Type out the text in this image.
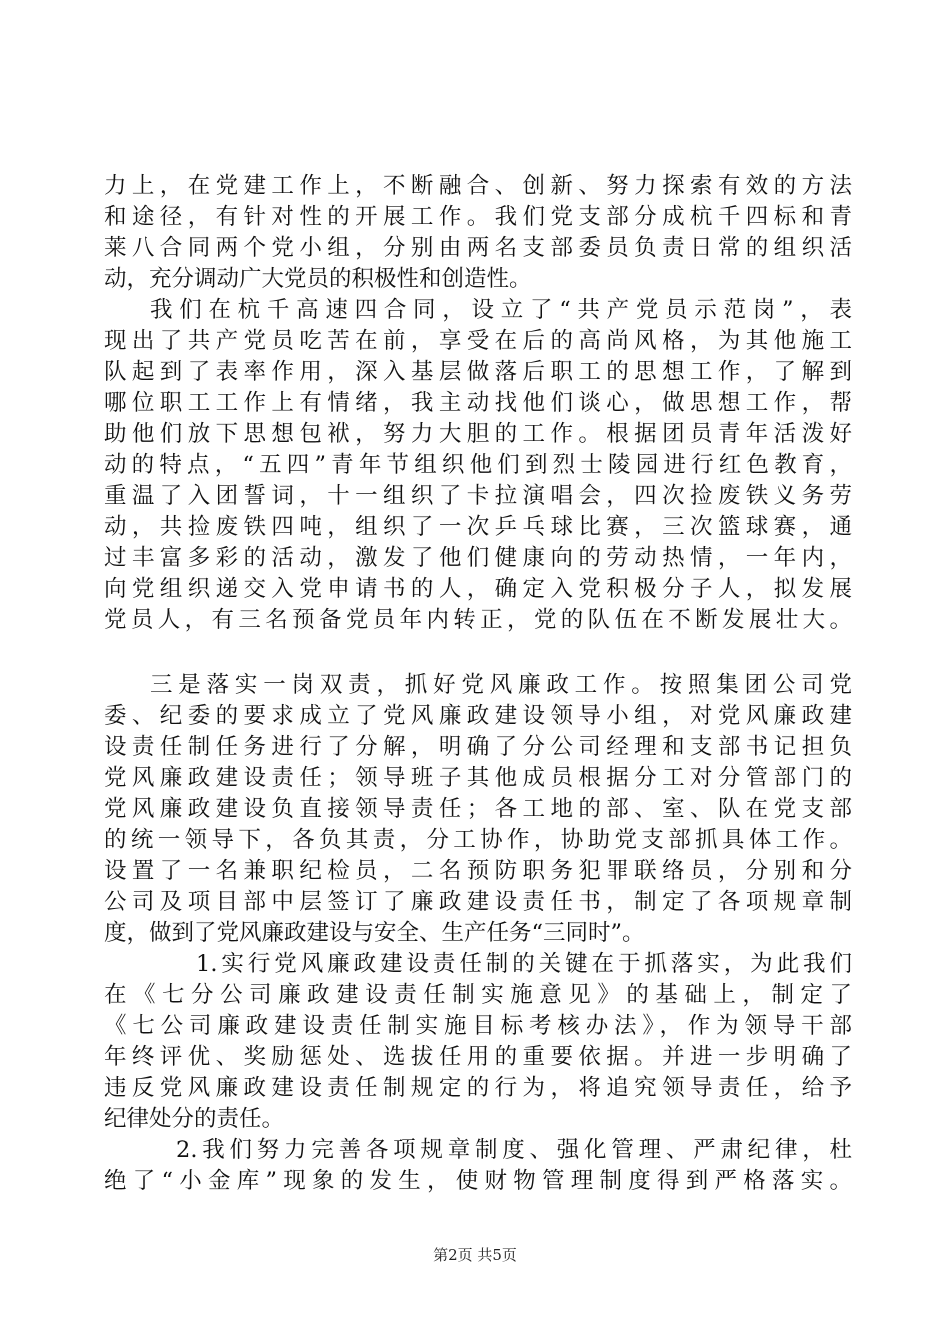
力上，在党建工作上，不断融合、创新、努力探索有效的方法
和途径，有针对性的开展工作。我们党支部分成杭千四标和青
莱八合同两个党小组，分别由两名支部委员负责日常的组织活
动，充分调动广大党员的积极性和创造性。
我们在杭千高速四合同，设立了“共产党员示范岗”，表
现出了共产党员吃苦在前，享受在后的高尚风格，为其他施工
队起到了表率作用，深入基层做落后职工的思想工作，了解到
哪位职工工作上有情绪，我主动找他们谈心，做思想工作，帮
助他们放下思想包袱，努力大胆的工作。根据团员青年活泼好
动的特点，“五四”青年节组织他们到烈士陵园进行红色教育，
重温了入团誓词，十一组织了卡拉演唱会，四次捡废铁义务劳
动，共捡废铁四吨，组织了一次乒乓球比赛，三次篮球赛，通
过丰富多彩的活动，激发了他们健康向的劳动热情，一年内，
向党组织递交入党申请书的人，确定入党积极分子人，拟发展
党员人，有三名预备党员年内转正，党的队伍在不断发展壮大。
三是落实一岗双责，抓好党风廉政工作。按照集团公司党
委、纪委的要求成立了党风廉政建设领导小组，对党风廉政建
设责任制任务进行了分解，明确了分公司经理和支部书记担负
党风廉政建设责任；领导班子其他成员根据分工对分管部门的
党风廉政建设负直接领导责任；各工地的部、室、队在党支部
的统一领导下，各负其责，分工协作，协助党支部抓具体工作。
设置了一名兼职纪检员，二名预防职务犯罪联络员，分别和分
公司及项目部中层签订了廉政建设责任书，制定了各项规章制
度，做到了党风廉政建设与安全、生产任务“三同时”。
1.实行党风廉政建设责任制的关键在于抓落实，为此我们
在《七分公司廉政建设责任制实施意见》的基础上，制定了
《七公司廉政建设责任制实施目标考核办法》，作为领导干部
年终评优、奖励惩处、选拔任用的重要依据。并进一步明确了
违反党风廉政建设责任制规定的行为，将追究领导责任，给予
纪律处分的责任。
2.我们努力完善各项规章制度、强化管理、严肃纪律，杜
绝了“小金库”现象的发生，使财物管理制度得到严格落实。
第2页 共5页
